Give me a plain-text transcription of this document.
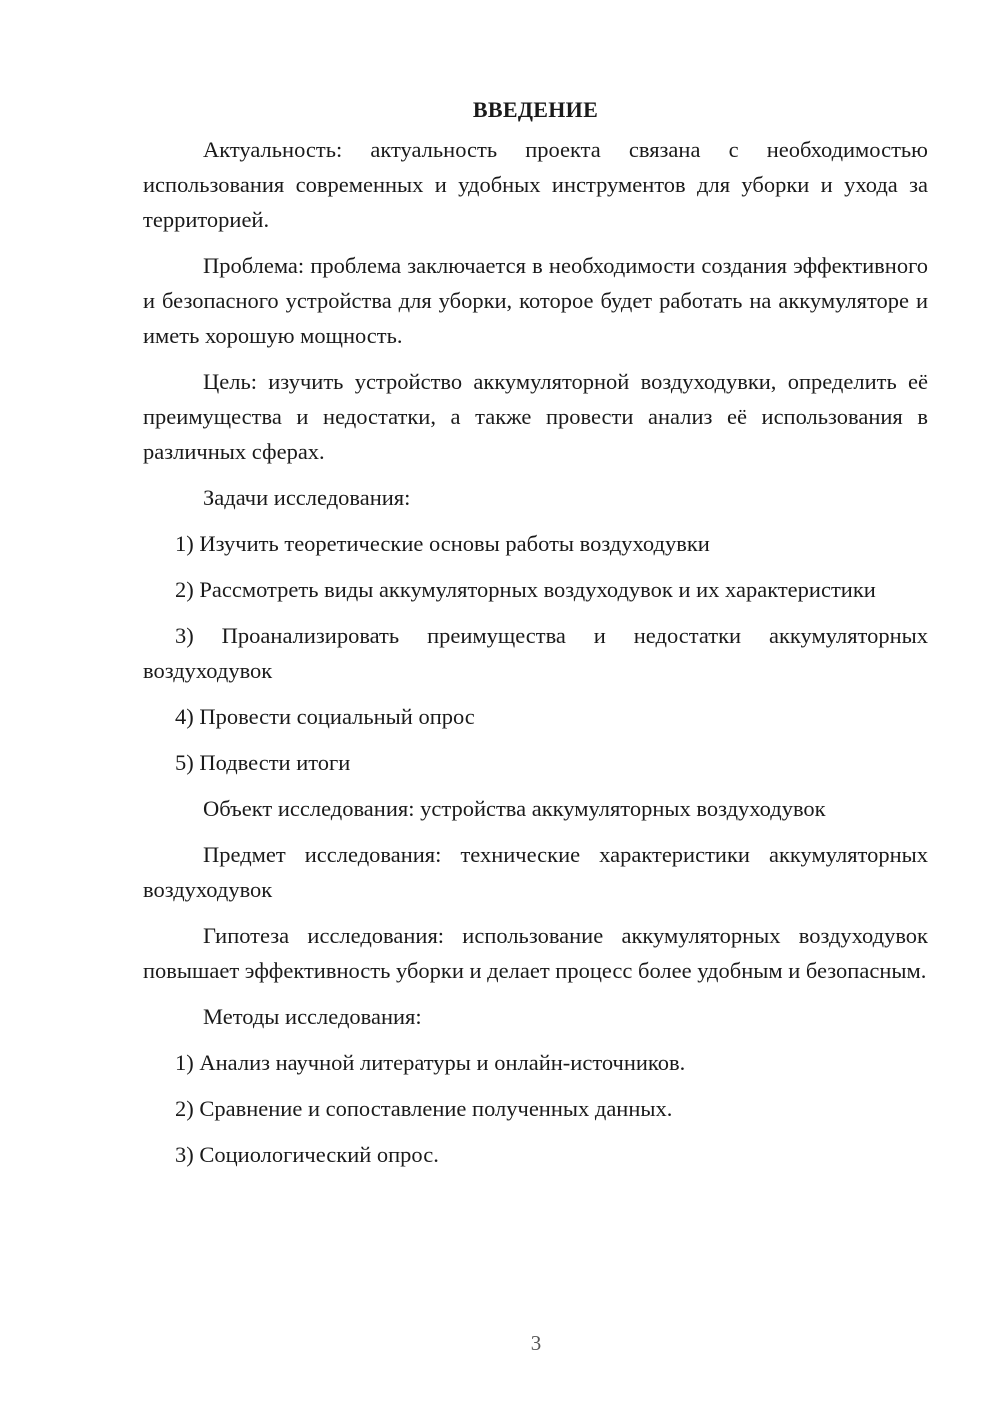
ВВЕДЕНИЕ
Актуальность: актуальность проекта связана с необходимостью использования современных и удобных инструментов для уборки и ухода за территорией.
Проблема: проблема заключается в необходимости создания эффективного и безопасного устройства для уборки, которое будет работать на аккумуляторе и иметь хорошую мощность.
Цель: изучить устройство аккумуляторной воздуходувки, определить её преимущества и недостатки, а также провести анализ её использования в различных сферах.
Задачи исследования:
1) Изучить теоретические основы работы воздуходувки
2) Рассмотреть виды аккумуляторных воздуходувок и их характеристики
3) Проанализировать преимущества и недостатки аккумуляторных воздуходувок
4) Провести социальный опрос
5) Подвести итоги
Объект исследования: устройства аккумуляторных воздуходувок
Предмет исследования: технические характеристики аккумуляторных воздуходувок
Гипотеза исследования: использование аккумуляторных воздуходувок повышает эффективность уборки и делает процесс более удобным и безопасным.
Методы исследования:
1) Анализ научной литературы и онлайн-источников.
2) Сравнение и сопоставление полученных данных.
3) Социологический опрос.
3
